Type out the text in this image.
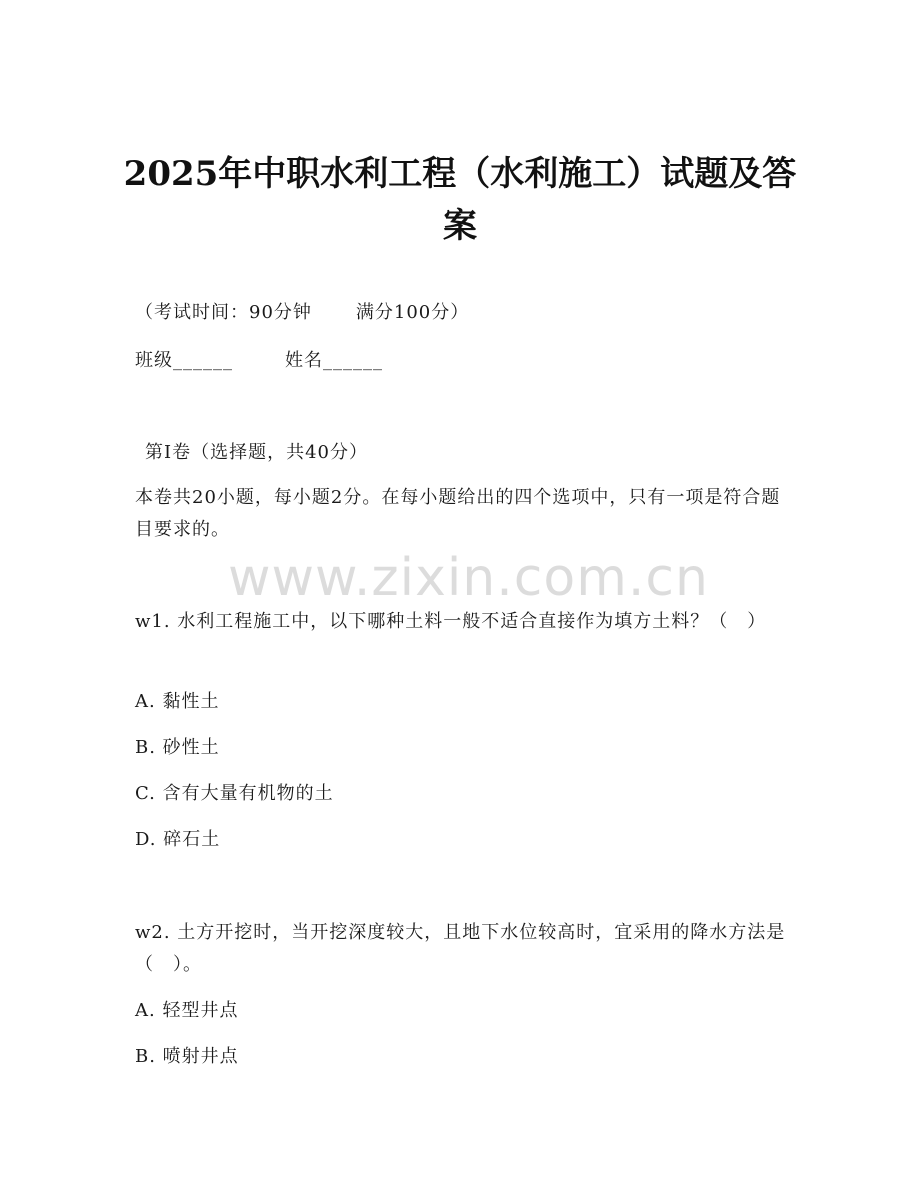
2025年中职水利工程（水利施工）试题及答案
（考试时间：90分钟 满分100分）
班级______	姓名______
第Ⅰ卷（选择题，共40分）
本卷共20小题，每小题2分。在每小题给出的四个选项中，只有一项是符合题目要求的。
www.zixin.com.cn
w1. 水利工程施工中，以下哪种土料一般不适合直接作为填方土料？（　）
A. 黏性土
B. 砂性土
C. 含有大量有机物的土
D. 碎石土
w2. 土方开挖时，当开挖深度较大，且地下水位较高时，宜采用的降水方法是（　）。
A. 轻型井点
B. 喷射井点
